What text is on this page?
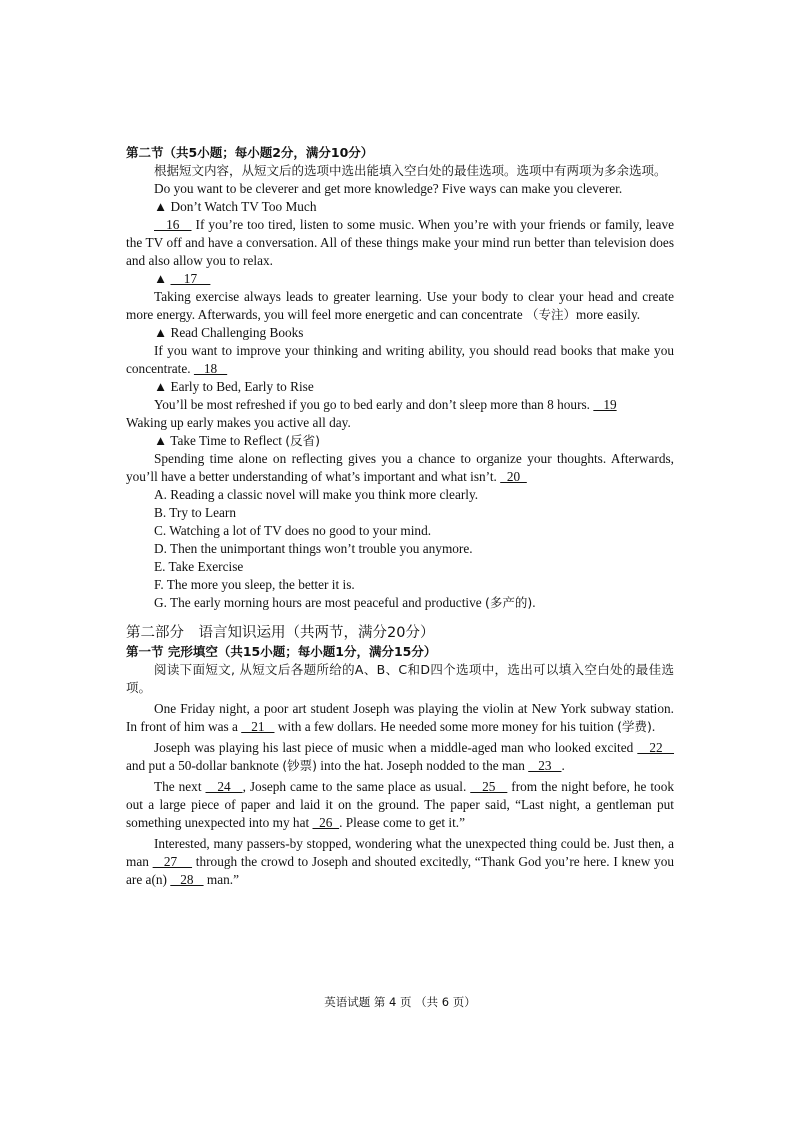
第二节（共5小题；每小题2分，满分10分）

根据短文内容，从短文后的选项中选出能填入空白处的最佳选项。选项中有两项为多余选项。

Do you want to be cleverer and get more knowledge? Five ways can make you cleverer.

▲ Don’t Watch TV Too Much

16    If you’re too tired, listen to some music. When you’re with your friends or family, leave the TV off and have a conversation. All of these things make your mind run better than television does and also allow you to relax.

▲     17

Taking exercise always leads to greater learning. Use your body to clear your head and create more energy. Afterwards, you will feel more energetic and can concentrate （专注）more easily.

▲ Read Challenging Books

If you want to improve your thinking and writing ability, you should read books that make you concentrate.    18

▲ Early to Bed, Early to Rise

You’ll be most refreshed if you go to bed early and don’t sleep more than 8 hours.    19

Waking up early makes you active all day.

▲ Take Time to Reflect (反省)

Spending time alone on reflecting gives you a chance to organize your thoughts. Afterwards, you’ll have a better understanding of what’s important and what isn’t.   20

A. Reading a classic novel will make you think more clearly.

B. Try to Learn

C. Watching a lot of TV does no good to your mind.

D. Then the unimportant things won’t trouble you anymore.

E. Take Exercise

F. The more you sleep, the better it is.

G. The early morning hours are most peaceful and productive (多产的).

第二部分　语言知识运用（共两节，满分20分）

第一节 完形填空（共15小题；每小题1分，满分15分）

阅读下面短文, 从短文后各题所给的A、B、C和D四个选项中，选出可以填入空白处的最佳选项。

One Friday night, a poor art student Joseph was playing the violin at New York subway station. In front of him was a    21    with a few dollars. He needed some more money for his tuition (学费).

Joseph was playing his last piece of music when a middle-aged man who looked excited    22    and put a 50-dollar banknote (钞票) into the hat. Joseph nodded to the man    23   .

The next    24   , Joseph came to the same place as usual.    25    from the night before, he took out a large piece of paper and laid it on the ground. The paper said, “Last night, a gentleman put something unexpected into my hat   26  . Please come to get it.”

Interested, many passers-by stopped, wondering what the unexpected thing could be. Just then, a man    27     through the crowd to Joseph and shouted excitedly, “Thank God you’re here. I knew you are a(n)    28    man.”

英语试题 第 4 页 （共 6 页）
